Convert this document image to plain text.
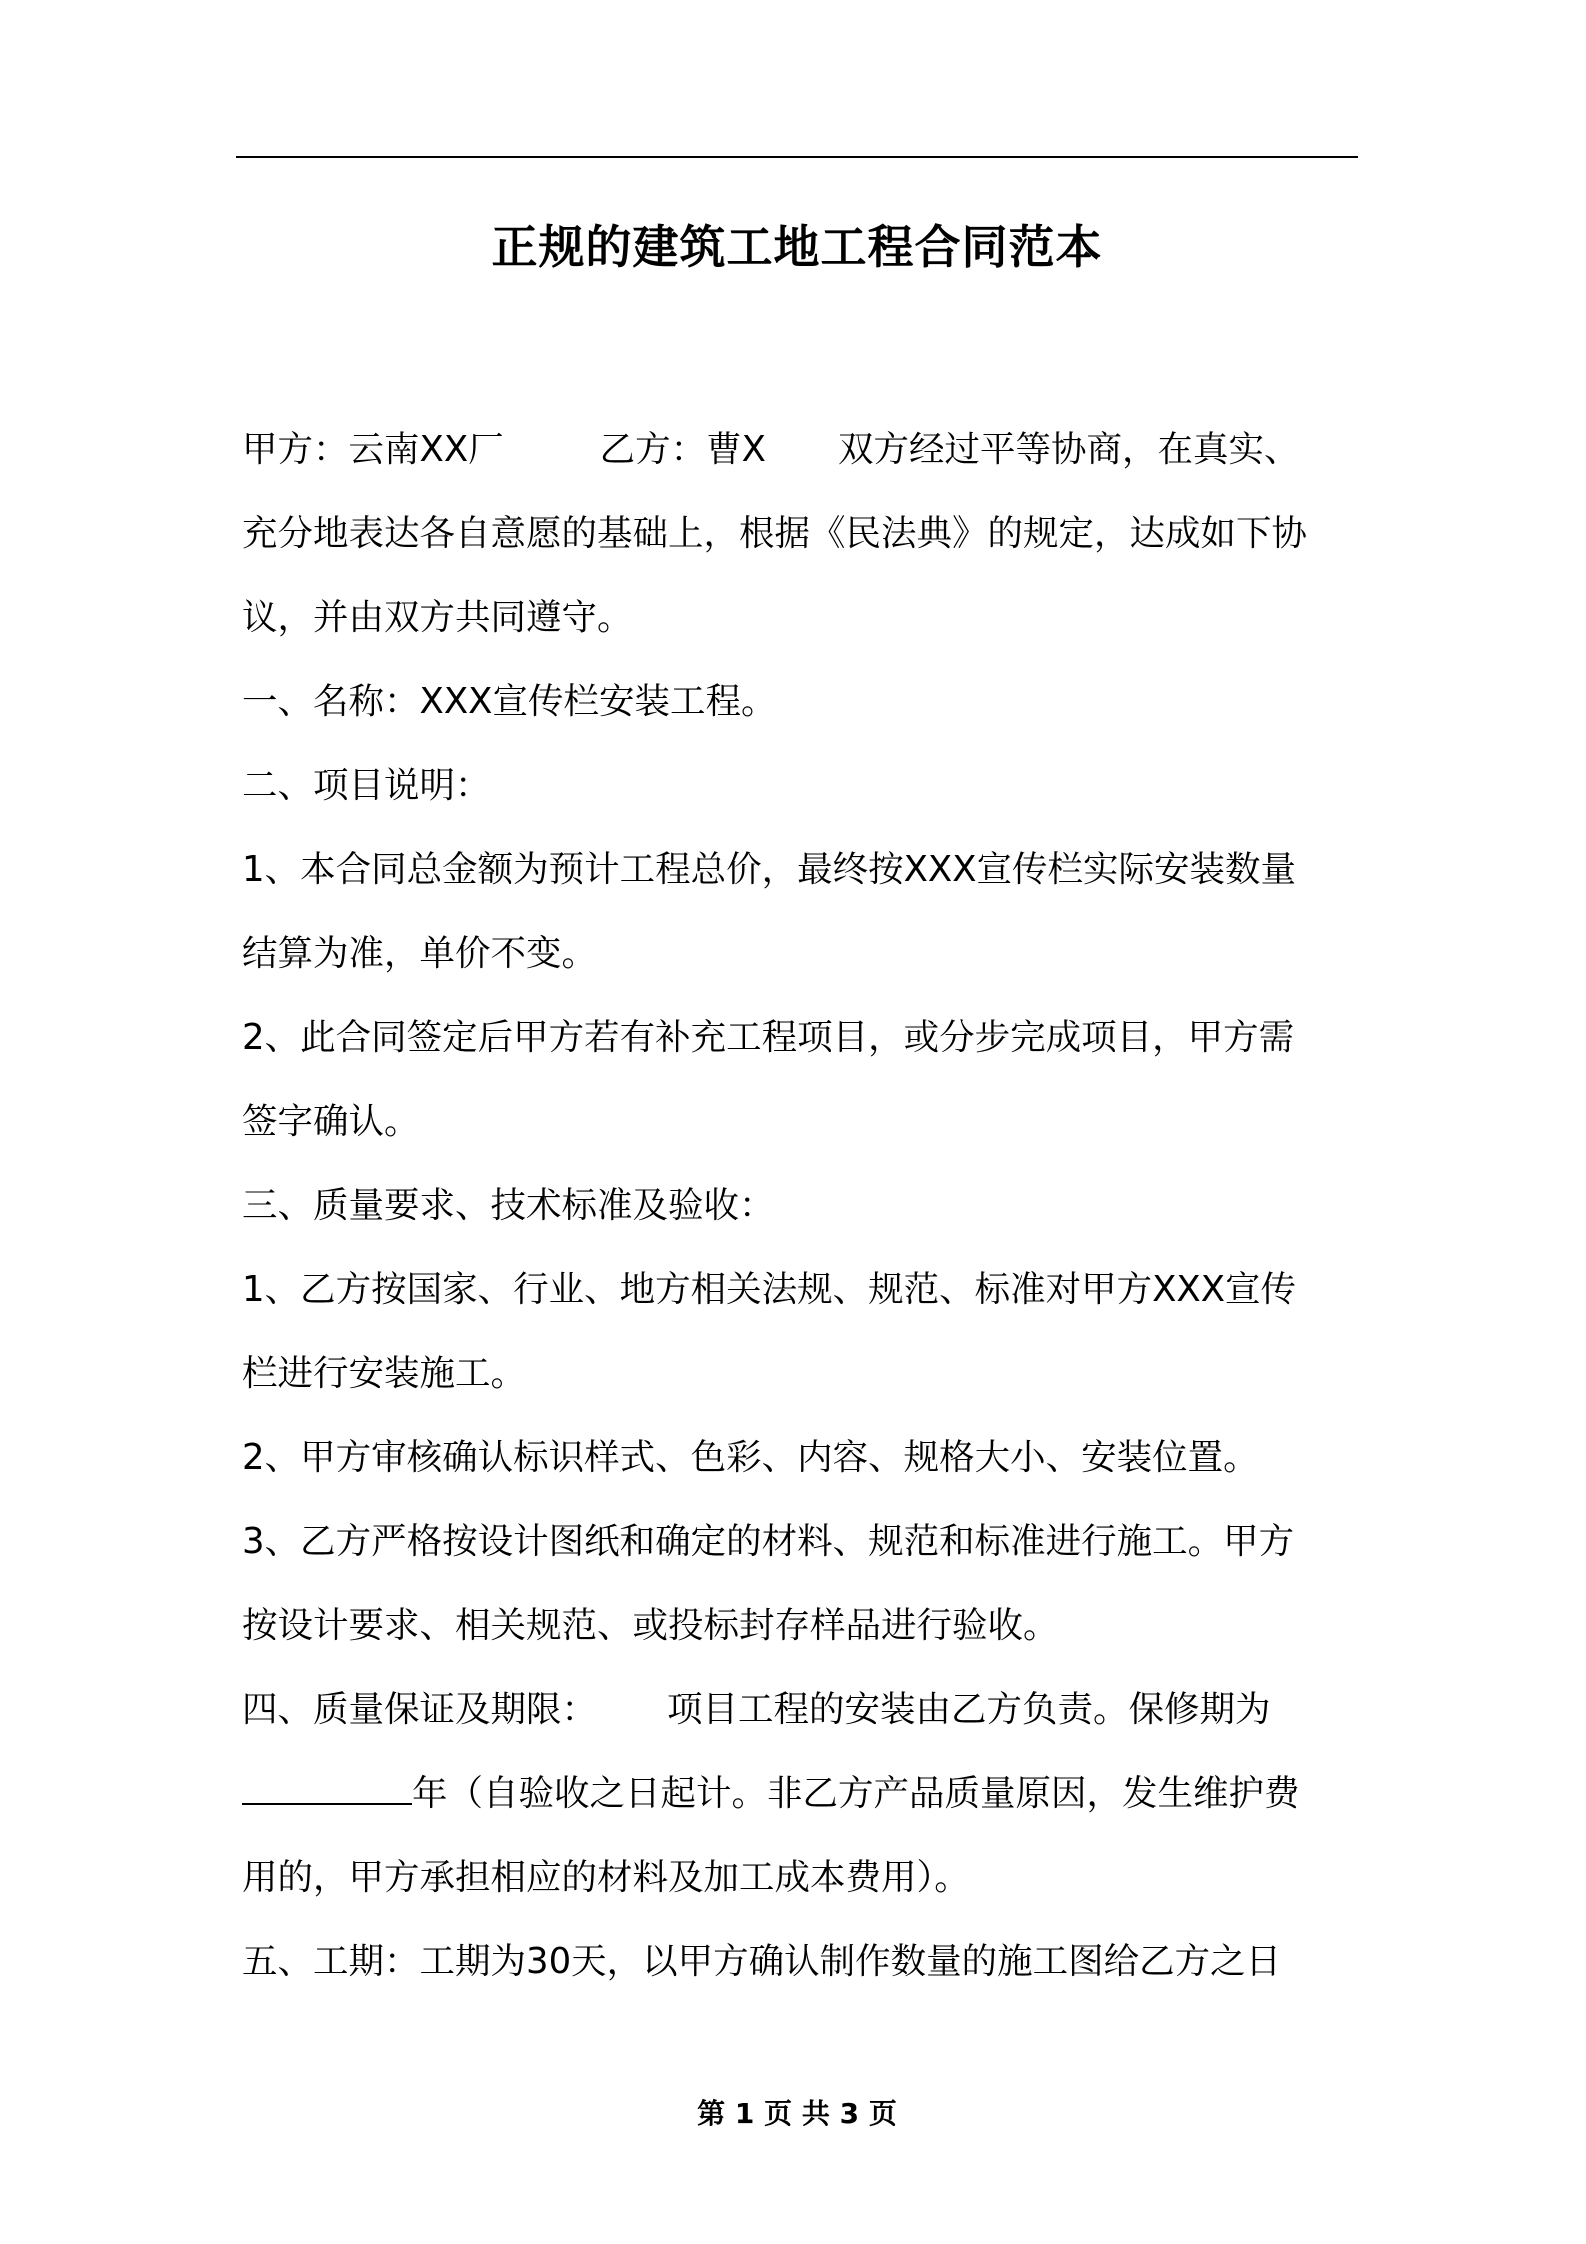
正规的建筑工地工程合同范本
甲方：云南XX厂	乙方：曹X 双方经过平等协商，在真实、
充分地表达各自意愿的基础上，根据《民法典》的规定，达成如下协
议，并由双方共同遵守。
一、名称：XXX宣传栏安装工程。
二、项目说明：
1、本合同总金额为预计工程总价，最终按XXX宣传栏实际安装数量
结算为准，单价不变。
2、此合同签定后甲方若有补充工程项目，或分步完成项目，甲方需
签字确认。
三、质量要求、技术标准及验收：
1、乙方按国家、行业、地方相关法规、规范、标准对甲方XXX宣传
栏进行安装施工。
2、甲方审核确认标识样式、色彩、内容、规格大小、安装位置。
3、乙方严格按设计图纸和确定的材料、规范和标准进行施工。甲方
按设计要求、相关规范、或投标封存样品进行验收。
四、质量保证及期限： 项目工程的安装由乙方负责。保修期为
年（自验收之日起计。非乙方产品质量原因，发生维护费
用的，甲方承担相应的材料及加工成本费用）。
五、工期：工期为30天，以甲方确认制作数量的施工图给乙方之日
第 1 页 共 3 页
